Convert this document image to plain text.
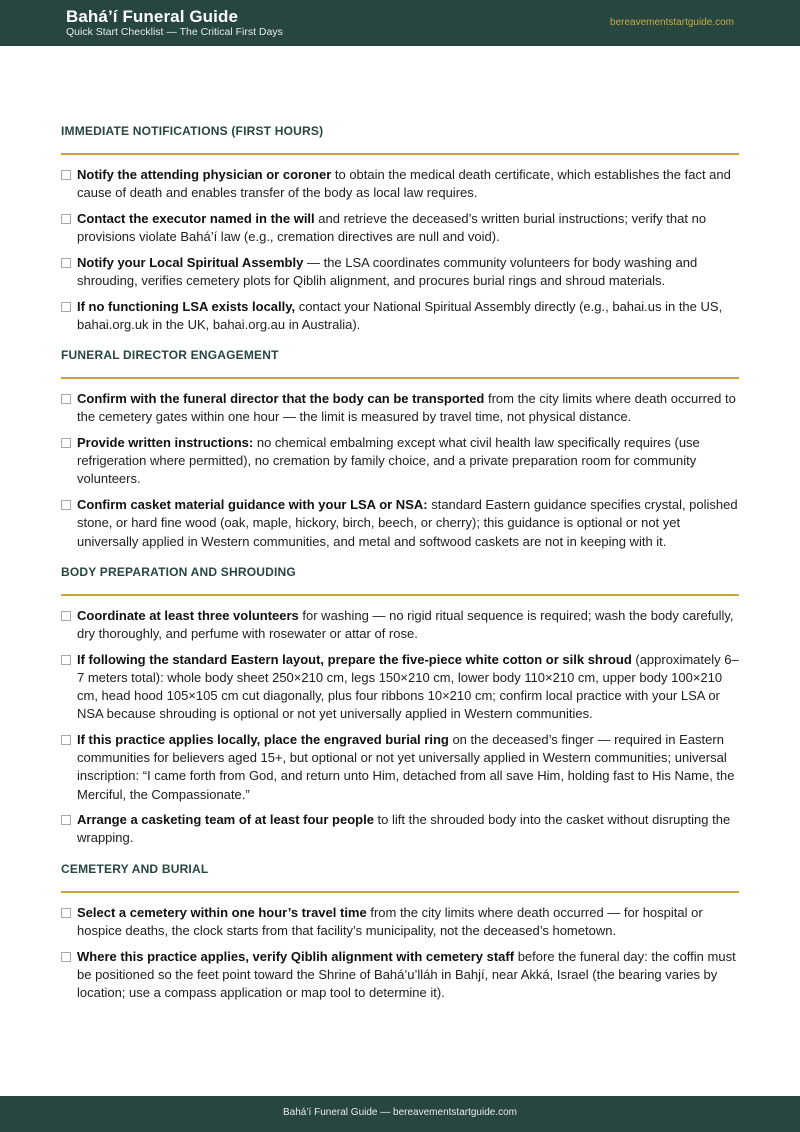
Bahá’í Funeral Guide
Quick Start Checklist — The Critical First Days
bereavementstartguide.com
IMMEDIATE NOTIFICATIONS (FIRST HOURS)
Notify the attending physician or coroner to obtain the medical death certificate, which establishes the fact and cause of death and enables transfer of the body as local law requires.
Contact the executor named in the will and retrieve the deceased’s written burial instructions; verify that no provisions violate Bahá’í law (e.g., cremation directives are null and void).
Notify your Local Spiritual Assembly — the LSA coordinates community volunteers for body washing and shrouding, verifies cemetery plots for Qiblih alignment, and procures burial rings and shroud materials.
If no functioning LSA exists locally, contact your National Spiritual Assembly directly (e.g., bahai.us in the US, bahai.org.uk in the UK, bahai.org.au in Australia).
FUNERAL DIRECTOR ENGAGEMENT
Confirm with the funeral director that the body can be transported from the city limits where death occurred to the cemetery gates within one hour — the limit is measured by travel time, not physical distance.
Provide written instructions: no chemical embalming except what civil health law specifically requires (use refrigeration where permitted), no cremation by family choice, and a private preparation room for community volunteers.
Confirm casket material guidance with your LSA or NSA: standard Eastern guidance specifies crystal, polished stone, or hard fine wood (oak, maple, hickory, birch, beech, or cherry); this guidance is optional or not yet universally applied in Western communities, and metal and softwood caskets are not in keeping with it.
BODY PREPARATION AND SHROUDING
Coordinate at least three volunteers for washing — no rigid ritual sequence is required; wash the body carefully, dry thoroughly, and perfume with rosewater or attar of rose.
If following the standard Eastern layout, prepare the five-piece white cotton or silk shroud (approximately 6–7 meters total): whole body sheet 250×210 cm, legs 150×210 cm, lower body 110×210 cm, upper body 100×210 cm, head hood 105×105 cm cut diagonally, plus four ribbons 10×210 cm; confirm local practice with your LSA or NSA because shrouding is optional or not yet universally applied in Western communities.
If this practice applies locally, place the engraved burial ring on the deceased’s finger — required in Eastern communities for believers aged 15+, but optional or not yet universally applied in Western communities; universal inscription: “I came forth from God, and return unto Him, detached from all save Him, holding fast to His Name, the Merciful, the Compassionate.”
Arrange a casketing team of at least four people to lift the shrouded body into the casket without disrupting the wrapping.
CEMETERY AND BURIAL
Select a cemetery within one hour’s travel time from the city limits where death occurred — for hospital or hospice deaths, the clock starts from that facility’s municipality, not the deceased’s hometown.
Where this practice applies, verify Qiblih alignment with cemetery staff before the funeral day: the coffin must be positioned so the feet point toward the Shrine of Bahá’u’lláh in Bahjí, near Akká, Israel (the bearing varies by location; use a compass application or map tool to determine it).
Bahá’í Funeral Guide — bereavementstartguide.com
